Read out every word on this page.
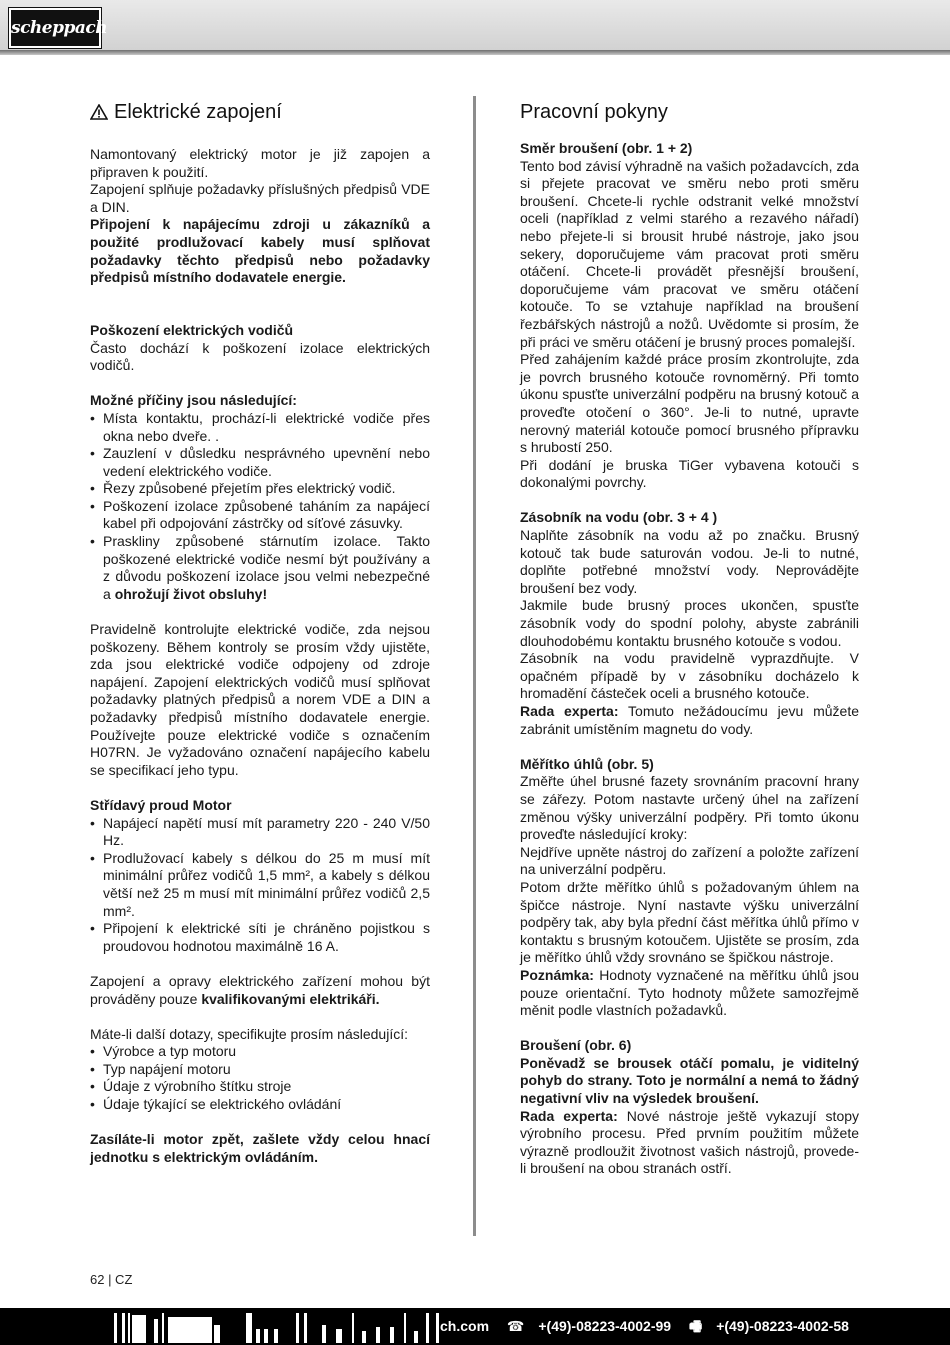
scheppach
Elektrické zapojení

Namontovaný elektrický motor je již zapojen a připraven k použití.

Zapojení splňuje požadavky příslušných předpisů VDE a DIN.

Připojení k napájecímu zdroji u zákazníků a použité prodlužovací kabely musí splňovat požadavky těchto předpisů nebo požadavky předpisů místního dodavatele energie.

Poškození elektrických vodičů

Často dochází k poškození izolace elektrických vodičů.

Možné příčiny jsou následující:

• Místa kontaktu, prochází-li elektrické vodiče přes okna nebo dveře. .
• Zauzlení v důsledku nesprávného upevnění nebo vedení elektrického vodiče.
• Řezy způsobené přejetím přes elektrický vodič.
• Poškození izolace způsobené taháním za napájecí kabel při odpojování zástrčky od síťové zásuvky.
• Praskliny způsobené stárnutím izolace. Takto poškozené elektrické vodiče nesmí být používány a z důvodu poškození izolace jsou velmi nebezpečné a ohrožují život obsluhy!

Pravidelně kontrolujte elektrické vodiče, zda nejsou poškozeny. Během kontroly se prosím vždy ujistěte, zda jsou elektrické vodiče odpojeny od zdroje napájení. Zapojení elektrických vodičů musí splňovat požadavky platných předpisů a norem VDE a DIN a požadavky předpisů místního dodavatele energie. Používejte pouze elektrické vodiče s označením H07RN. Je vyžadováno označení napájecího kabelu se specifikací jeho typu.

Střídavý proud Motor

• Napájecí napětí musí mít parametry 220 - 240 V/50 Hz.
• Prodlužovací kabely s délkou do 25 m musí mít minimální průřez vodičů 1,5 mm², a kabely s délkou větší než 25 m musí mít minimální průřez vodičů 2,5 mm².
• Připojení k elektrické síti je chráněno pojistkou s proudovou hodnotou maximálně 16 A.

Zapojení a opravy elektrického zařízení mohou být prováděny pouze kvalifikovanými elektrikáři.

Máte-li další dotazy, specifikujte prosím následující:

• Výrobce a typ motoru
• Typ napájení motoru
• Údaje z výrobního štítku stroje
• Údaje týkající se elektrického ovládání

Zasíláte-li motor zpět, zašlete vždy celou hnací jednotku s elektrickým ovládáním.

Pracovní pokyny

Směr broušení (obr. 1 + 2)

Tento bod závisí výhradně na vašich požadavcích, zda si přejete pracovat ve směru nebo proti směru broušení. Chcete-li rychle odstranit velké množství oceli (například z velmi starého a rezavého nářadí) nebo přejete-li si brousit hrubé nástroje, jako jsou sekery, doporučujeme vám pracovat proti směru otáčení. Chcete-li provádět přesnější broušení, doporučujeme vám pracovat ve směru otáčení kotouče. To se vztahuje například na broušení řezbářských nástrojů a nožů. Uvědomte si prosím, že při práci ve směru otáčení je brusný proces pomalejší.

Před zahájením každé práce prosím zkontrolujte, zda je povrch brusného kotouče rovnoměrný. Při tomto úkonu spusťte univerzální podpěru na brusný kotouč a proveďte otočení o 360°. Je-li to nutné, upravte nerovný materiál kotouče pomocí brusného přípravku s hrubostí 250.

Při dodání je bruska TiGer vybavena kotouči s dokonalými povrchy.

Zásobník na vodu (obr. 3 + 4 )

Naplňte zásobník na vodu až po značku. Brusný kotouč tak bude saturován vodou. Je-li to nutné, doplňte potřebné množství vody. Neprovádějte broušení bez vody.

Jakmile bude brusný proces ukončen, spusťte zásobník vody do spodní polohy, abyste zabránili dlouhodobému kontaktu brusného kotouče s vodou.

Zásobník na vodu pravidelně vyprazdňujte. V opačném případě by v zásobníku docházelo k hromadění částeček oceli a brusného kotouče.

Rada experta: Tomuto nežádoucímu jevu můžete zabránit umístěním magnetu do vody.

Měřítko úhlů (obr. 5)

Změřte úhel brusné fazety srovnáním pracovní hrany se zářezy. Potom nastavte určený úhel na zařízení změnou výšky univerzální podpěry. Při tomto úkonu proveďte následující kroky:

Nejdříve upněte nástroj do zařízení a položte zařízení na univerzální podpěru.

Potom držte měřítko úhlů s požadovaným úhlem na špičce nástroje. Nyní nastavte výšku univerzální podpěry tak, aby byla přední část měřítka úhlů přímo v kontaktu s brusným kotoučem. Ujistěte se prosím, zda je měřítko úhlů vždy srovnáno se špičkou nástroje.

Poznámka: Hodnoty vyznačené na měřítku úhlů jsou pouze orientační. Tyto hodnoty můžete samozřejmě měnit podle vlastních požadavků.

Broušení (obr. 6)

Poněvadž se brousek otáčí pomalu, je viditelný pohyb do strany. Toto je normální a nemá to žádný negativní vliv na výsledek broušení.

Rada experta: Nové nástroje ještě vykazují stopy výrobního procesu. Před prvním použitím můžete výrazně prodloužit životnost vašich nástrojů, provede-li broušení na obou stranách ostří.

62 | CZ
ch.com ☎ +(49)-08223-4002-99 🖷 +(49)-08223-4002-58
